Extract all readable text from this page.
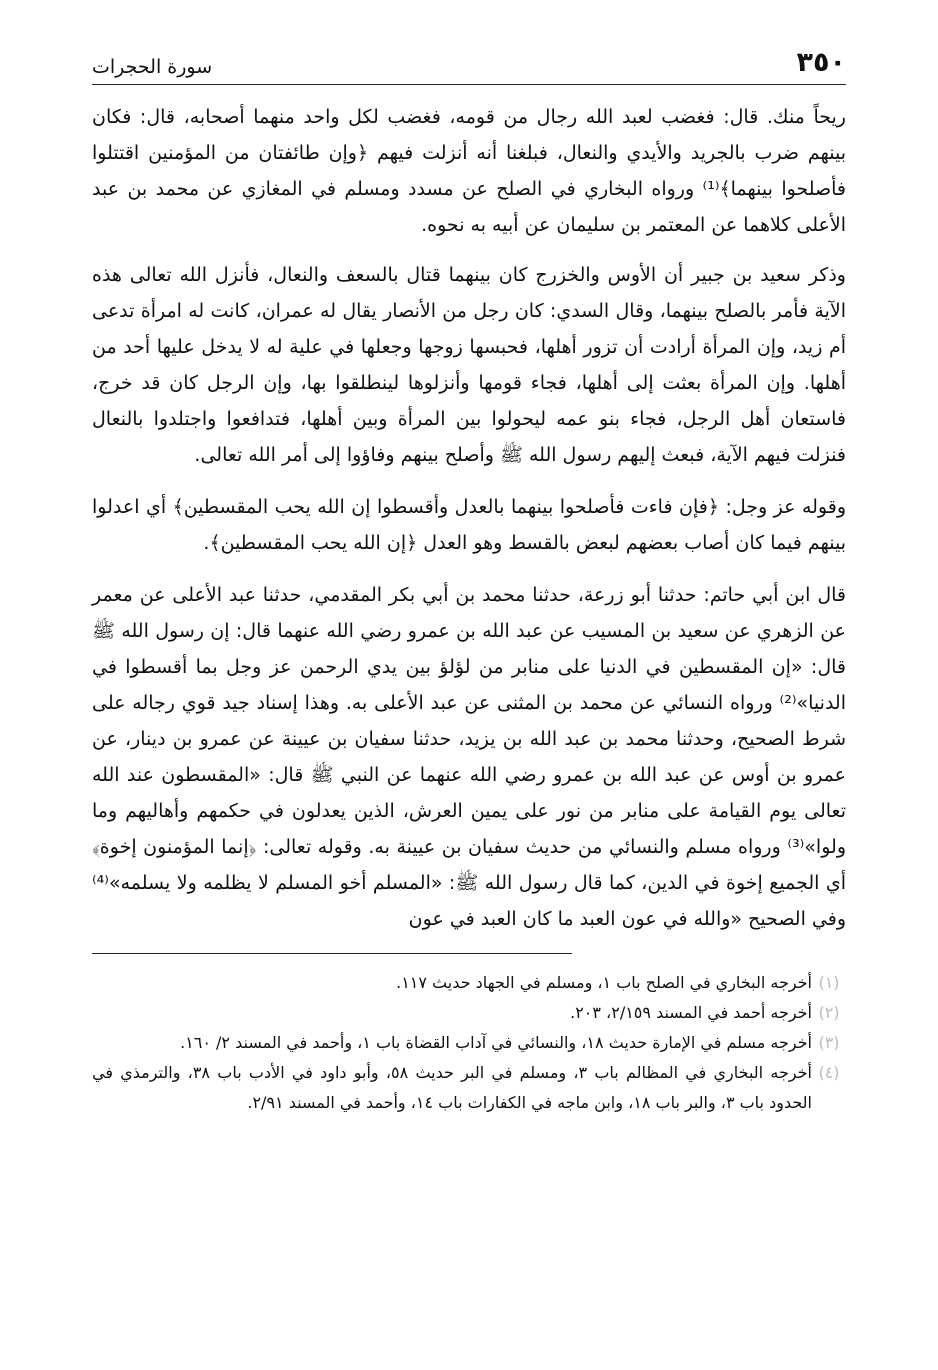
٣٥٠
سورة الحجرات

ريحاً منك. قال: فغضب لعبد الله رجال من قومه، فغضب لكل واحد منهما أصحابه، قال: فكان بينهم ضرب بالجريد والأيدي والنعال، فبلغنا أنه أنزلت فيهم ﴿وإن طائفتان من المؤمنين اقتتلوا فأصلحوا بينهما﴾⁽¹⁾ ورواه البخاري في الصلح عن مسدد ومسلم في المغازي عن محمد بن عبد الأعلى كلاهما عن المعتمر بن سليمان عن أبيه به نحوه.

وذكر سعيد بن جبير أن الأوس والخزرج كان بينهما قتال بالسعف والنعال، فأنزل الله تعالى هذه الآية فأمر بالصلح بينهما، وقال السدي: كان رجل من الأنصار يقال له عمران، كانت له امرأة تدعى أم زيد، وإن المرأة أرادت أن تزور أهلها، فحبسها زوجها وجعلها في علية له لا يدخل عليها أحد من أهلها. وإن المرأة بعثت إلى أهلها، فجاء قومها وأنزلوها لينطلقوا بها، وإن الرجل كان قد خرج، فاستعان أهل الرجل، فجاء بنو عمه ليحولوا بين المرأة وبين أهلها، فتدافعوا واجتلدوا بالنعال فنزلت فيهم الآية، فبعث إليهم رسول الله ﷺ وأصلح بينهم وفاؤوا إلى أمر الله تعالى.

وقوله عز وجل: ﴿فإن فاءت فأصلحوا بينهما بالعدل وأقسطوا إن الله يحب المقسطين﴾ أي اعدلوا بينهم فيما كان أصاب بعضهم لبعض بالقسط وهو العدل ﴿إن الله يحب المقسطين﴾.

قال ابن أبي حاتم: حدثنا أبو زرعة، حدثنا محمد بن أبي بكر المقدمي، حدثنا عبد الأعلى عن معمر عن الزهري عن سعيد بن المسيب عن عبد الله بن عمرو رضي الله عنهما قال: إن رسول الله ﷺ قال: «إن المقسطين في الدنيا على منابر من لؤلؤ بين يدي الرحمن عز وجل بما أقسطوا في الدنيا»⁽²⁾ ورواه النسائي عن محمد بن المثنى عن عبد الأعلى به. وهذا إسناد جيد قوي رجاله على شرط الصحيح، وحدثنا محمد بن عبد الله بن يزيد، حدثنا سفيان بن عيينة عن عمرو بن دينار، عن عمرو بن أوس عن عبد الله بن عمرو رضي الله عنهما عن النبي ﷺ قال: «المقسطون عند الله تعالى يوم القيامة على منابر من نور على يمين العرش، الذين يعدلون في حكمهم وأهاليهم وما ولوا»⁽³⁾ ورواه مسلم والنسائي من حديث سفيان بن عيينة به. وقوله تعالى: ﴿إنما المؤمنون إخوة﴾ أي الجميع إخوة في الدين، كما قال رسول الله ﷺ: «المسلم أخو المسلم لا يظلمه ولا يسلمه»⁽⁴⁾ وفي الصحيح «والله في عون العبد ما كان العبد في عون

(١)
أخرجه البخاري في الصلح باب ١، ومسلم في الجهاد حديث ١١٧.
(٢)
أخرجه أحمد في المسند ٢/١٥٩، ٢٠٣.
(٣)
أخرجه مسلم في الإمارة حديث ١٨، والنسائي في آداب القضاة باب ١، وأحمد في المسند ٢/ ١٦٠.
(٤)
أخرجه البخاري في المظالم باب ٣، ومسلم في البر حديث ٥٨، وأبو داود في الأدب باب ٣٨، والترمذي في الحدود باب ٣، والبر باب ١٨، وابن ماجه في الكفارات باب ١٤، وأحمد في المسند ٢/٩١.
